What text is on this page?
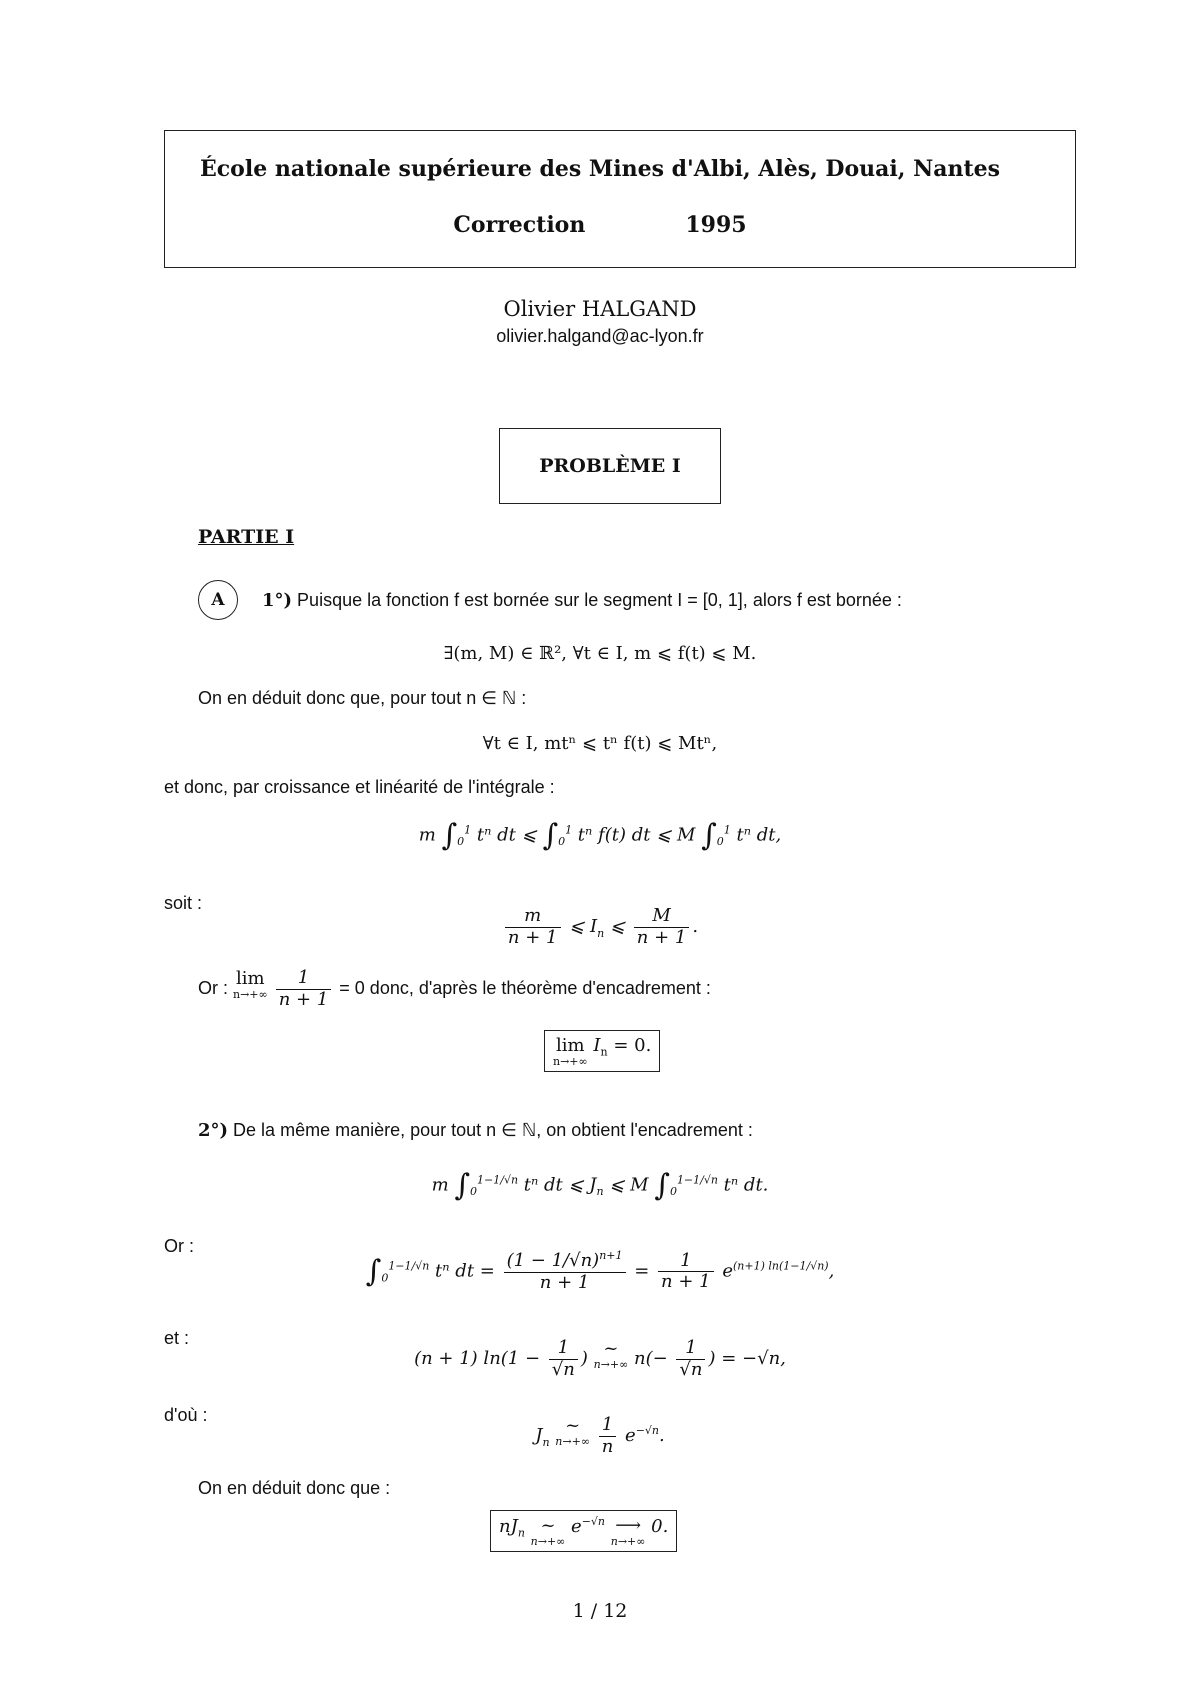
École nationale supérieure des Mines d'Albi, Alès, Douai, Nantes
Correction	1995
Olivier HALGAND
olivier.halgand@ac-lyon.fr
PROBLÈME I
PARTIE I
A 1°) Puisque la fonction f est bornée sur le segment I = [0, 1], alors f est bornée :
∃(m, M) ∈ ℝ², ∀t ∈ I, m ⩽ f(t) ⩽ M.
On en déduit donc que, pour tout n ∈ ℕ :
∀t ∈ I, mtⁿ ⩽ tⁿ f(t) ⩽ Mtⁿ,
et donc, par croissance et linéarité de l'intégrale :
m $\int_0^1$ tⁿ dt ⩽ $\int_0^1$ tⁿ f(t) dt ⩽ M $\int_0^1$ tⁿ dt,
soit :
$\frac{m}{n + 1}$ ⩽ $I_n$ ⩽ $\frac{M}{n + 1}$ .
Or : lim
n→+∞
$\frac{1}{n + 1} = 0$ donc, d'après le théorème d'encadrement :
lim
n→+∞
$I_n = 0$.
2°) De la même manière, pour tout n ∈ ℕ, on obtient l'encadrement :
m $\int_0^{1-1/√n}$ tⁿ dt ⩽ $J_n$ ⩽ M $\int_0^{1-1/√n}$ tⁿ dt.
Or :
$\int_0^{1-1/√n}$ tⁿ dt = $\frac{(1 - 1/√n)^{n+1}}{n + 1} = \frac{1}{n + 1} e^{(n+1) ln(1-1/√n)}$,
et :
(n + 1) $\ln(1 - \frac{1}{√n}$ ) ~
n→+∞ $n(- \frac{1}{√n}$ ) = −√n,
d'où :
$J_n$ ~
n→+∞
$\frac{1}{n} e^{-√n}$.
On en déduit donc que :
$nJ_n$ ~
n→+∞
$e^{-√n}$ ⟶
n→+∞
0.
1 / 12
